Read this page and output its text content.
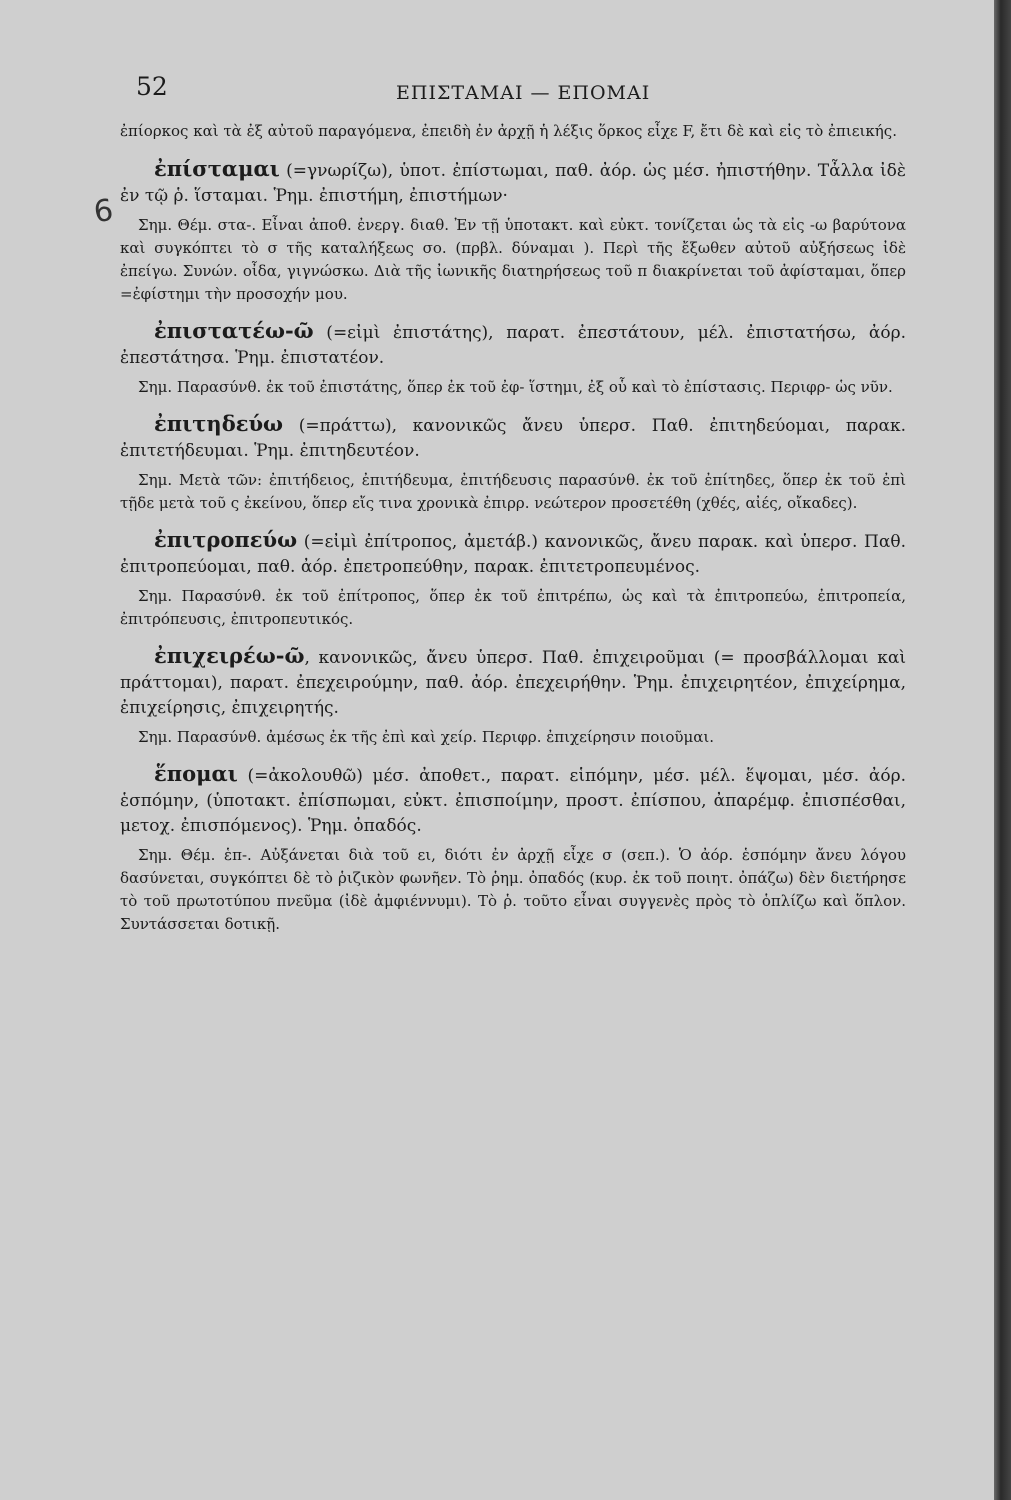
52	ΕΠΙΣΤΑΜΑΙ — ΕΠΟΜΑΙ
6

ἐπίορκος καὶ τὰ ἐξ αὐτοῦ παραγόμενα, ἐπειδὴ ἐν ἀρχῇ ἡ λέξις ὅρκος εἶχε F, ἔτι δὲ καὶ εἰς τὸ ἐπιεικής.

ἐπίσταμαι (=γνωρίζω), ὑποτ. ἐπίστωμαι, παθ. ἀόρ. ὡς μέσ. ἠπιστήθην. Τἆλλα ἰδὲ ἐν τῷ ῥ. ἵσταμαι. Ῥημ. ἐπιστήμη, ἐπιστήμων·

Σημ. Θέμ. στα-. Εἶναι ἀποθ. ἐνεργ. διαθ. Ἐν τῇ ὑποτακτ. καὶ εὐκτ. τονίζεται ὡς τὰ εἰς -ω βαρύτονα καὶ συγκόπτει τὸ σ τῆς καταλήξεως σο. (πρβλ. δύναμαι ). Περὶ τῆς ἔξωθεν αὐτοῦ αὐξήσεως ἰδὲ ἐπείγω. Συνών. οἶδα, γιγνώσκω. Διὰ τῆς ἰωνικῆς διατηρήσεως τοῦ π διακρίνεται τοῦ ἀφίσταμαι, ὅπερ =ἐφίστημι τὴν προσοχήν μου.

ἐπιστατέω-ῶ (=εἰμὶ ἐπιστάτης), παρατ. ἐπεστάτουν, μέλ. ἐπιστατήσω, ἀόρ. ἐπεστάτησα. Ῥημ. ἐπιστατέον.

Σημ. Παρασύνθ. ἐκ τοῦ ἐπιστάτης, ὅπερ ἐκ τοῦ ἐφ- ἵστημι, ἐξ οὗ καὶ τὸ ἐπίστασις. Περιφρ- ὡς νῦν.

ἐπιτηδεύω (=πράττω), κανονικῶς ἄνευ ὑπερσ. Παθ. ἐπιτηδεύομαι, παρακ. ἐπιτετήδευμαι. Ῥημ. ἐπιτηδευτέον.

Σημ. Μετὰ τῶν: ἐπιτήδειος, ἐπιτήδευμα, ἐπιτήδευσις παρασύνθ. ἐκ τοῦ ἐπίτηδες, ὅπερ ἐκ τοῦ ἐπὶ τῇδε μετὰ τοῦ ς ἐκείνου, ὅπερ εἴς τινα χρονικὰ ἐπιρρ. νεώτερον προσετέθη (χθές, αἰές, οἴκαδες).

ἐπιτροπεύω (=εἰμὶ ἐπίτροπος, ἀμετάβ.) κανονικῶς, ἄνευ παρακ. καὶ ὑπερσ. Παθ. ἐπιτροπεύομαι, παθ. ἀόρ. ἐπετροπεύθην, παρακ. ἐπιτετροπευμένος.

Σημ. Παρασύνθ. ἐκ τοῦ ἐπίτροπος, ὅπερ ἐκ τοῦ ἐπιτρέπω, ὡς καὶ τὰ ἐπιτροπεύω, ἐπιτροπεία, ἐπιτρόπευσις, ἐπιτροπευτικός.

ἐπιχειρέω-ῶ, κανονικῶς, ἄνευ ὑπερσ. Παθ. ἐπιχειροῦμαι (= προσβάλλομαι καὶ πράττομαι), παρατ. ἐπεχειρούμην, παθ. ἀόρ. ἐπεχειρήθην. Ῥημ. ἐπιχειρητέον, ἐπιχείρημα, ἐπιχείρησις, ἐπιχειρητής.

Σημ. Παρασύνθ. ἀμέσως ἐκ τῆς ἐπὶ καὶ χείρ. Περιφρ. ἐπιχείρησιν ποιοῦμαι.

ἕπομαι (=ἀκολουθῶ) μέσ. ἀποθετ., παρατ. εἱπόμην, μέσ. μέλ. ἕψομαι, μέσ. ἀόρ. ἑσπόμην, (ὑποτακτ. ἐπίσπωμαι, εὐκτ. ἐπισποίμην, προστ. ἐπίσπου, ἀπαρέμφ. ἐπισπέσθαι, μετοχ. ἐπισπόμενος). Ῥημ. ὀπαδός.

Σημ. Θέμ. ἑπ-. Αὐξάνεται διὰ τοῦ ει, διότι ἐν ἀρχῇ εἶχε σ (σεπ.). Ὁ ἀόρ. ἑσπόμην ἄνευ λόγου δασύνεται, συγκόπτει δὲ τὸ ῥιζικὸν φωνῆεν. Τὸ ῥημ. ὀπαδός (κυρ. ἐκ τοῦ ποιητ. ὀπάζω) δὲν διετήρησε τὸ τοῦ πρωτοτύπου πνεῦμα (ἰδὲ ἀμφιέννυμι). Τὸ ῥ. τοῦτο εἶναι συγγενὲς πρὸς τὸ ὁπλίζω καὶ ὅπλον. Συντάσσεται δοτικῇ.
